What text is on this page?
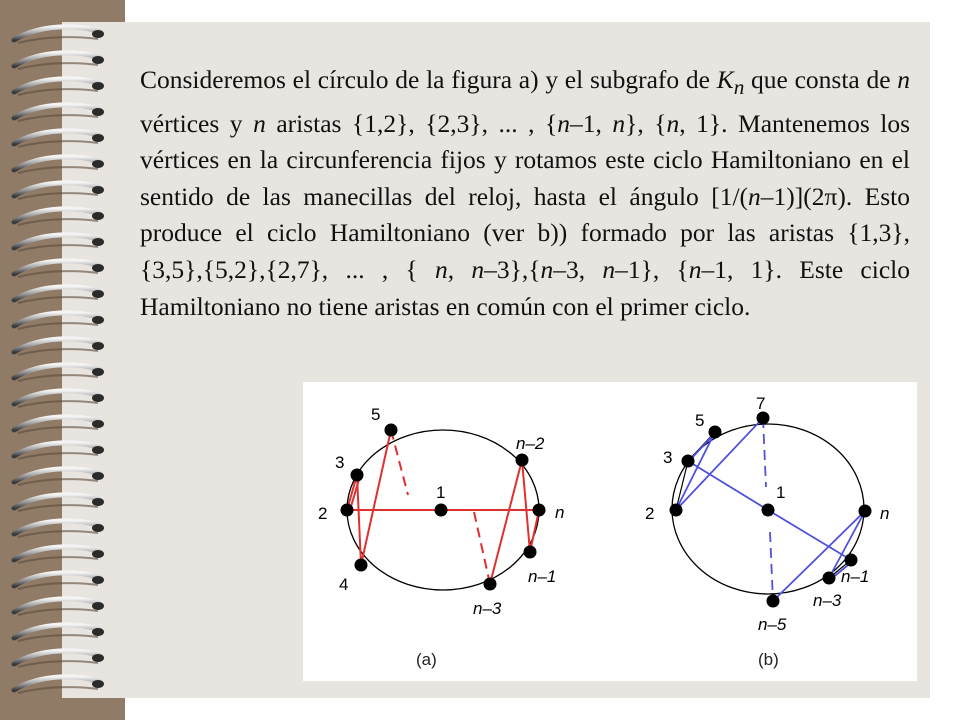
Consideremos el círculo de la figura a) y el subgrafo de $K_n$ que consta de n vértices y n aristas {1,2}, {2,3}, ... , {n–1, n}, {n, 1}. Mantenemos los vértices en la circunferencia fijos y rotamos este ciclo Hamiltoniano en el sentido de las manecillas del reloj, hasta el ángulo [1/(n–1)](2π). Esto produce el ciclo Hamiltoniano (ver b)) formado por las aristas {1,3}, {3,5},{5,2},{2,7}, ... , { n, n–3},{n–3, n–1}, {n–1, 1}. Este ciclo Hamiltoniano no tiene aristas en común con el primer ciclo.

1
2
3
4
5
n–2
n
n–1
n–3
(a)
1
2
3
5
7
n
n–1
n–3
n–5
(b)
